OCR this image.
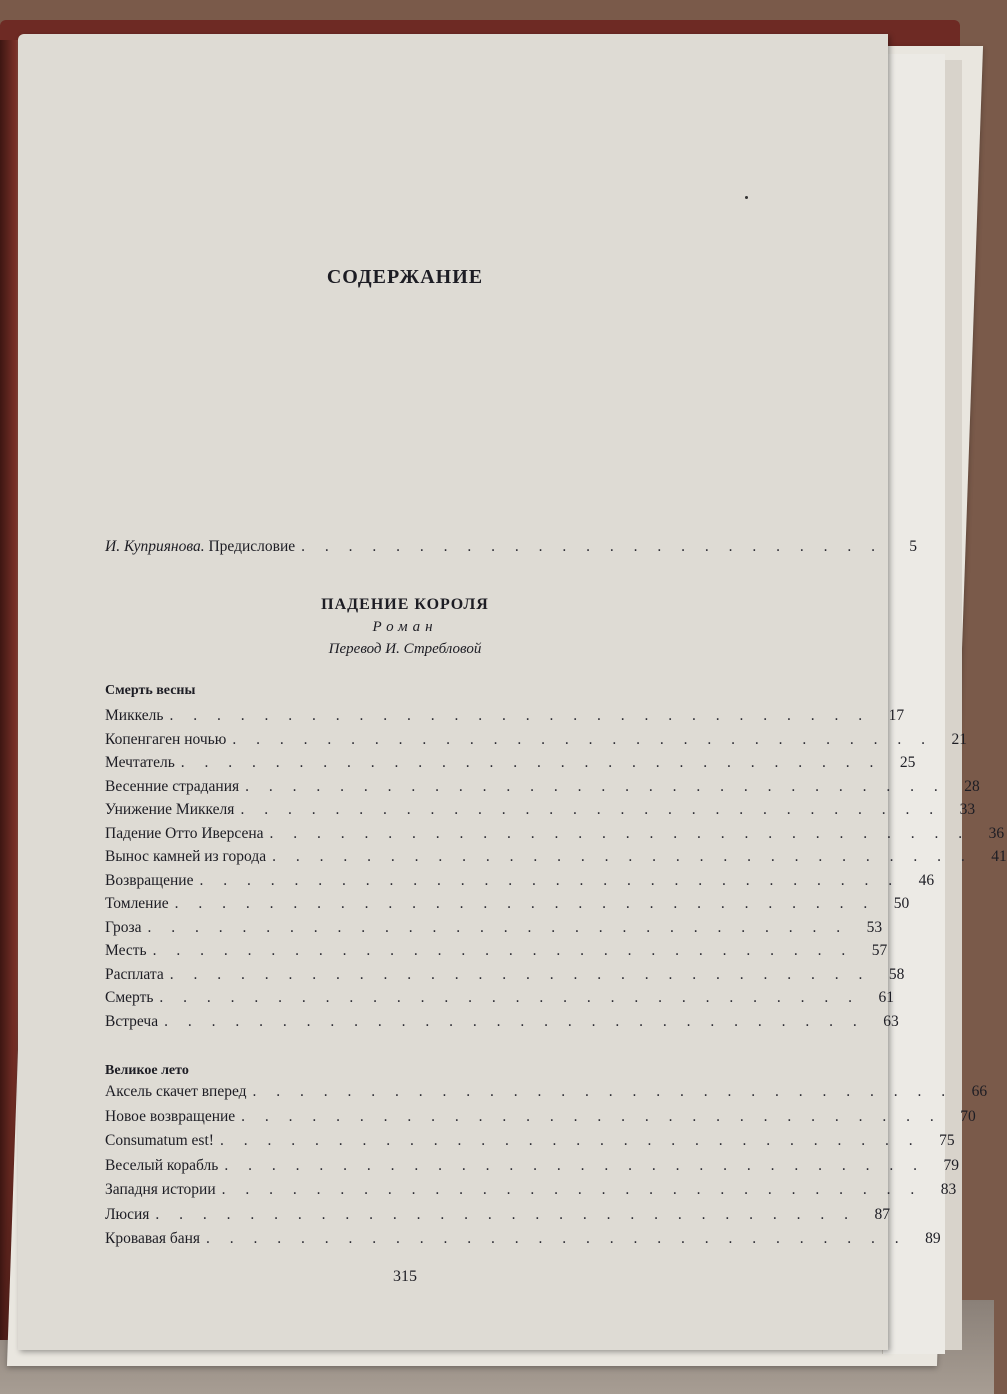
СОДЕРЖАНИЕ
И. Куприянова. Предисловие . . . . . . . . . . . . . . . . . . . . . . . . .	5
ПАДЕНИЕ КОРОЛЯ
Роман
Перевод И. Стребловой
Смерть весны
Миккель . . . . . . . . . . . . . . . . . . . . . . . . . . . . . .	17
Копенгаген ночью . . . . . . . . . . . . . . . . . . . . . . . . . . . . . .	21
Мечтатель . . . . . . . . . . . . . . . . . . . . . . . . . . . . . .	25
Весенние страдания . . . . . . . . . . . . . . . . . . . . . . . . . . . . . .	28
Унижение Миккеля . . . . . . . . . . . . . . . . . . . . . . . . . . . . . .	33
Падение Отто Иверсена . . . . . . . . . . . . . . . . . . . . . . . . . . . . . .	36
Вынос камней из города . . . . . . . . . . . . . . . . . . . . . . . . . . . . . .	41
Возвращение . . . . . . . . . . . . . . . . . . . . . . . . . . . . . .	46
Томление . . . . . . . . . . . . . . . . . . . . . . . . . . . . . .	50
Гроза . . . . . . . . . . . . . . . . . . . . . . . . . . . . . .	53
Месть . . . . . . . . . . . . . . . . . . . . . . . . . . . . . .	57
Расплата . . . . . . . . . . . . . . . . . . . . . . . . . . . . . .	58
Смерть . . . . . . . . . . . . . . . . . . . . . . . . . . . . . .	61
Встреча . . . . . . . . . . . . . . . . . . . . . . . . . . . . . .	63
Великое лето
Аксель скачет вперед . . . . . . . . . . . . . . . . . . . . . . . . . . . . . .	66
Новое возвращение . . . . . . . . . . . . . . . . . . . . . . . . . . . . . .	70
Consumatum est! . . . . . . . . . . . . . . . . . . . . . . . . . . . . . .	75
Веселый корабль . . . . . . . . . . . . . . . . . . . . . . . . . . . . . .	79
Западня истории . . . . . . . . . . . . . . . . . . . . . . . . . . . . . .	83
Люсия . . . . . . . . . . . . . . . . . . . . . . . . . . . . . .	87
Кровавая баня . . . . . . . . . . . . . . . . . . . . . . . . . . . . . .	89
315
